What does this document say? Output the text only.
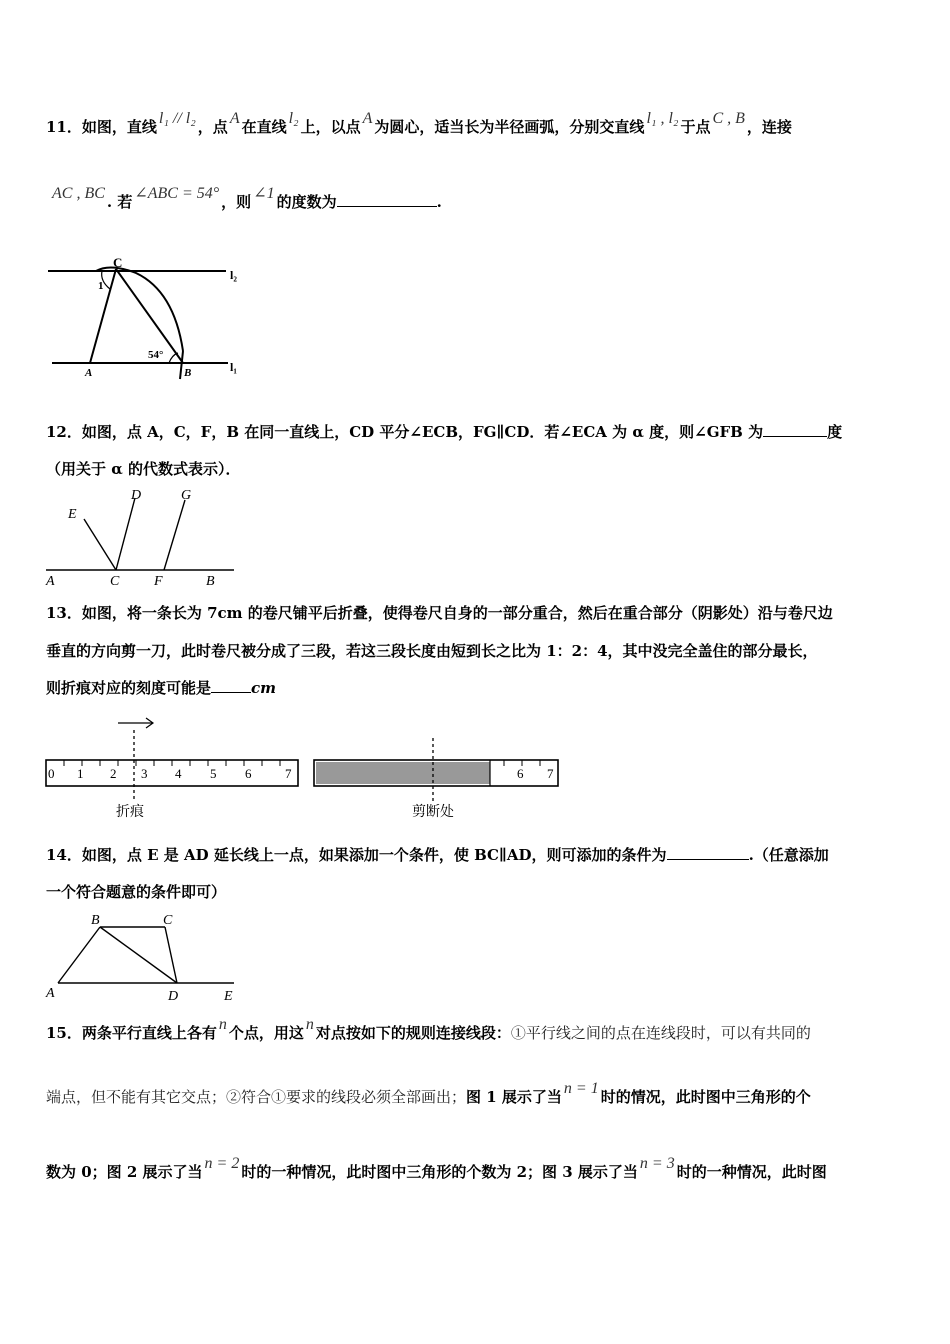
11．如图，直线 l₁ // l₂ ，点 A 在直线 l₂ 上，以点 A 为圆心，适当长为半径画弧，分别交直线 l₁ , l₂ 于点 C , B ，连接
AC , BC . 若 ∠ABC = 54° ，则 ∠1 的度数为	.
C
1
54°
A	B
l₂
l₁
12．如图，点 A，C，F，B 在同一直线上，CD 平分∠ECB，FG∥CD．若∠ECA 为 α 度，则∠GFB 为	度
（用关于 α 的代数式表示）．
E
D	G
A	C F	B
13．如图，将一条长为 7cm 的卷尺铺平后折叠，使得卷尺自身的一部分重合，然后在重合部分（阴影处）沿与卷尺边
垂直的方向剪一刀，此时卷尺被分成了三段，若这三段长度由短到长之比为 1：2：4，其中没完全盖住的部分最长，
则折痕对应的刻度可能是	cm
0 1 2 3 4 5 6	7
折痕
6 7
剪断处
14．如图，点 E 是 AD 延长线上一点，如果添加一个条件，使 BC∥AD，则可添加的条件为	.（任意添加
一个符合题意的条件即可）
B	C
A	D	E
15．两条平行直线上各有 n 个点，用这 n 对点按如下的规则连接线段：①平行线之间的点在连线段时，可以有共同的
端点，但不能有其它交点；②符合①要求的线段必须全部画出；图 1 展示了当 n = 1 时的情况，此时图中三角形的个
数为 0；图 2 展示了当 n = 2 时的一种情况，此时图中三角形的个数为 2；图 3 展示了当 n = 3 时的一种情况，此时图
